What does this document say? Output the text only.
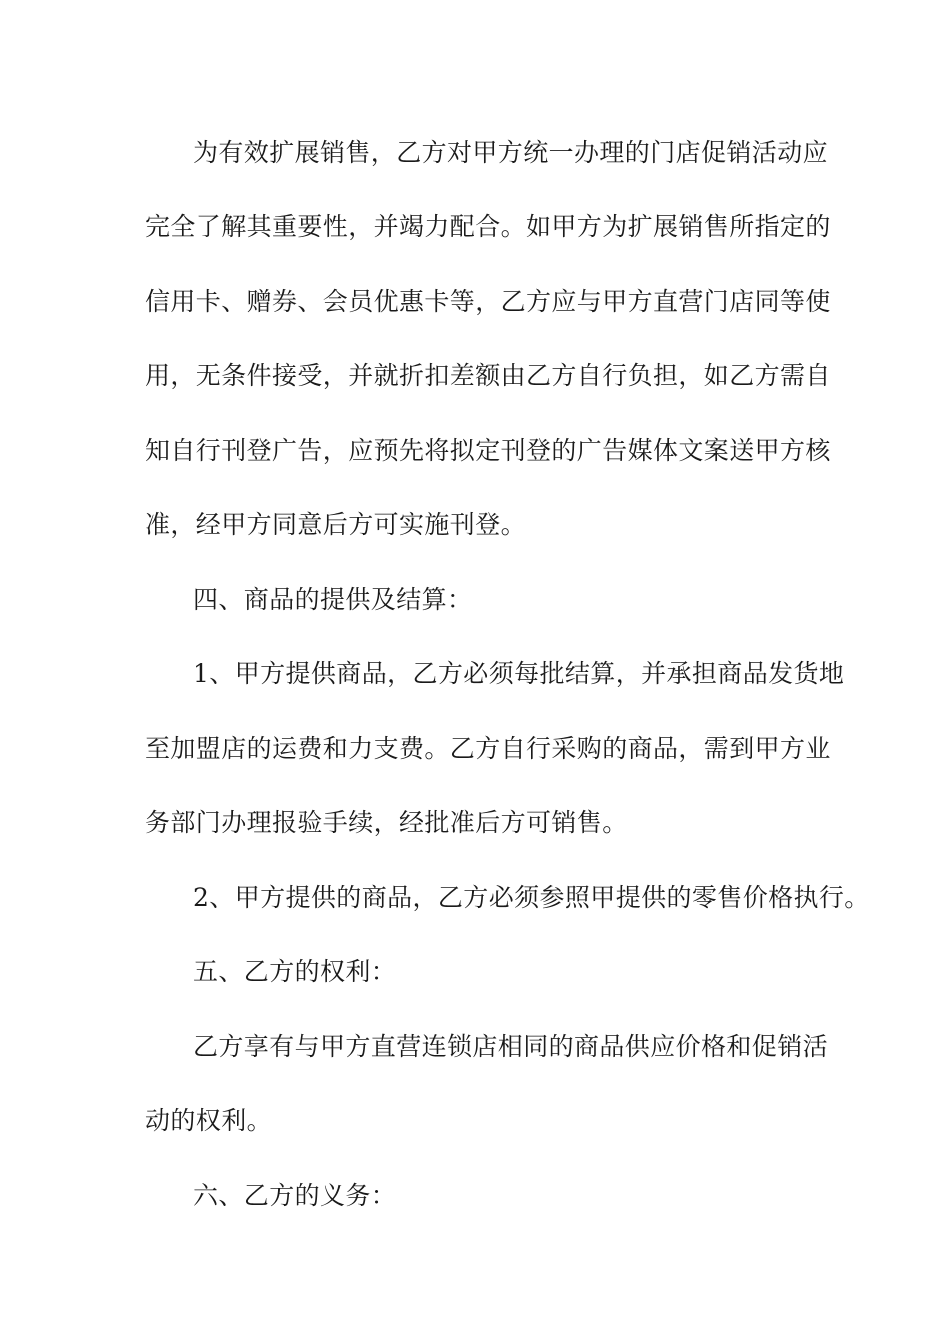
为有效扩展销售，乙方对甲方统一办理的门店促销活动应
完全了解其重要性，并竭力配合。如甲方为扩展销售所指定的
信用卡、赠券、会员优惠卡等，乙方应与甲方直营门店同等使
用，无条件接受，并就折扣差额由乙方自行负担，如乙方需自
知自行刊登广告，应预先将拟定刊登的广告媒体文案送甲方核
准，经甲方同意后方可实施刊登。
四、商品的提供及结算：
1、甲方提供商品，乙方必须每批结算，并承担商品发货地
至加盟店的运费和力支费。乙方自行采购的商品，需到甲方业
务部门办理报验手续，经批准后方可销售。
2、甲方提供的商品，乙方必须参照甲提供的零售价格执行。
五、乙方的权利：
乙方享有与甲方直营连锁店相同的商品供应价格和促销活
动的权利。
六、乙方的义务：
